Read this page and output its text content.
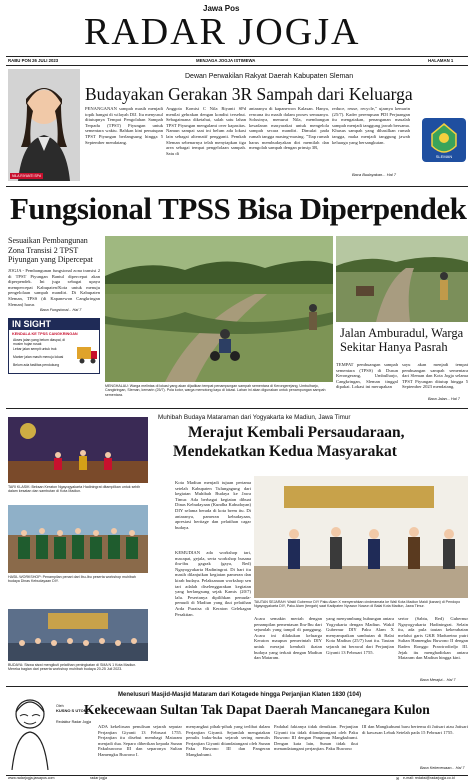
Jawa Pos
RADAR JOGJA
RABU PON 26 JULI 2023	MENJAGA JOGJA ISTIMEWA	HALAMAN 1
NILA RIYANTI SPd
Dewan Perwakilan Rakyat Daerah Kabupaten Sleman
Budayakan Gerakan 3R Sampah dari Keluarga
PENANGANAN sampah masih menjadi topik hangat di wilayah DIJ. Itu menyusul ditutupnya Tempat Pengolahan Sampah Terpadu (TPST) Piyungan untuk sementara waktu. Bahkan kini penutupan TPST Piyungan berlangsung hingga 5 September mendatang.
Anggota Komisi C Nila Riyanti SPd menilai gebrakan dengan kondisi tersebut. Sebagaimana diketahui, salah satu lahan TPST Piyungan mengalami over kapasitas. Namun sampai saat ini belum ada lokasi lain sebagai alternatif pengganti. Pemkab Sleman sebenarnya telah menyiapkan tiga area sebagai tempat pengelolaan sampah. Satu di
antaranya di kapanewon Kalasan. Hanya, rencana itu masih dalam proses semuanya. Solusinya, menurut Nila, membangun kesadaran masyarakat untuk mengelola sampah secara mandiri. Dimulai pada rumah tangga masing-masing. "Tiap rumah harus membudayakan diri memilah dan mengolah sampah dengan prinsip 3R,
reduce, reuse, recycle," ujarnya kemarin (25/7). Kader perempuan PDI Perjuangan itu mengatakan, penanganan masalah sampah menjadi tanggung jawab bersama. Khusus sampah yang dihasilkan rumah tangga, maka menjadi tanggung jawab keluarga yang bersangkutan.
Baca Budayakan... Hal 7
SLEMAN
Fungsional TPSS Bisa Diperpendek
Sesuaikan Pembangunan Zona Transisi 2 TPST Piyungan yang Dipercepat
JOGJA - Pembangunan fungsional zona transisi 2 di TPST Piyungan Bantul dipercepat akan diperpendek. Ini juga sebagai upaya mempercepat Kabupaten/Kota untuk menuju pengelolaan sampah mandiri. Di Kabupaten Sleman, TPSS (di Kapanewon Cangkringan Sleman) harus
Baca Fungsional... Hal 7
IN SIGHT
KENDALA KE TPSS CANGKRINGAN
Akses jalan yang belum diaspal, di musim hujan rusak
Lebar jalan sempit untuk truk
Marker jalan masih menuju lokasi
Belum ada fasilitas pendukung
MENGHALAU: Warga melintas di lokasi yang akan dijadikan tempat penampungan sampah sementara di Kerongerejang, Umbulharjo, Cangkringan, Sleman, kemarin (25/7). Pola kotor, warga memotong kayu di lokasi. Lahan ini akan digunakan untuk penampungan sampah sementara.
Jalan Amburadul, Warga Sekitar Hanya Pasrah
TEMPAT pembuangan sampah sementara (TPSS) di Dusun Kerongerang, Umbulharjo, Cangkringan, Sleman tinggal dipakai. Lokasi ini merupakan
sayu akan menjadi tempat pembuangan sampah sementara dari Sleman dan Kota Jogja selama TPST Piyungan ditutup hingga 5 September 2023 mendatang.
Baca Jalan... Hal 7
Muhibah Budaya Mataraman dari Yogyakarta ke Madiun, Jawa Timur
Merajut Kembali Persaudaraan,
Mendekatkan Kedua Masyarakat
TARI KLASIK: Beksan Keraton Ngayogyakarta Hadiningrat ditampilkan untuk sebih dalam kesatan dan sambutan di Kota Madiun.
HASIL WORKSHOP: Penampilan penari dari Ibu-Ibu peserta workshop muhibah budaya Dinas Kebudayaan DIY.
BUDAYA: Siswa siswi mengikuti pelatihan peningkatan di SMA N 1 Kota Madiun. Mereka bagian dari peserta workshop muhibah budaya 20-25 Juli 2023.
Kota Madiun menjadi tujuan pertama setelah Kabupaten Tulungagung dari kegiatan Muhibah Budaya ke Jawa Timur. Ada berbagai kegiatan dibuat Dinas Kebudayaan (Kundha Kabudayan) DIY selama berada di kota brem itu. Di antaranya, pameran kebudayaan, apresiasi heritage dan pelatihan cagar budaya.
TAUTAN SEJARAH: Wakil Gubernur DIY Paku Alam X menyerahkan cinderamata ke Wali Kota Madiun Maidi (kanan) di Pendopo Ngayogyakarta DIY, Paku Alam (tengah) saat Kadipaten Nyuwun Nuwun di Balai Kota Madiun, Jawa Timur.
KEMUDIAN ada workshop tari, macapat, gejala, serta workshop busana ibu-ibu gagrak (gaya, Red) Ngayogyakarta Hadiningrat. Di hari itu masih dilanjutkan kegiatan pameran dan kirab budaya. Pelaksanaan workshop sen tari adalah diselenggarakan kegiatan yang berlangsung sejak Kamis (20/7) lalu. Pesertanya dipilihkan pemuda-pemudi di Madiun yang ikut pelatihan Arda Puraisa di Keraton Gelekagan Pesaktian.
Acara semakin meriah dengan penampilan pementasan Ibu-Ibu dari sejumlah yang tampil di panggung. Acara ini dilakukan keluarga Keraton maupun pemerintah DIY untuk merajut kembali ikatan budaya yang terkait dengan Madiun dan Mataram.
yang menyambung hubungan antara Yogyakarta dengan Madiun. Wakil Gubernur DIY Paku Alam X menyampaikan sambutan di Balai Kota Madiun (25/7) hari itu. Tautan sejarah ini berawal dari Perjanjian Giyanti 13 Februari 1755.
sertor (Sabtu, Red) Gubernur Ngayogyakarta Hadiningrat. Selain itu, ada pula tautan kekerabatan melalui garis GKR Maduretno putri Sultan Hamengku Buwono II dengan Raden Ronggo Prawirodirdjo III. Jejak itu menghadirkan antara Mataram dan Madiun hingga kini.
Baca Merajut... Hal 7
Oleh
KUSNO S UTOMO
Redaktur Radar Jogja
Menelusuri Masjid-Masjid Mataram dari Kotagede hingga Perjanjian Klaten 1830 (104)
Kekecewaan Sultan Tak Dapat Daerah Mancanegara Kulon
ADA kekeliruan penulisan sejarah seputar Perjanjian Giyanti 13 Februari 1755. Perjanjian itu disebut membagi Mataram menjadi dua. Separo diberikan kepada Sunan Pakubuwono III dan separonya Sultan Hamengku Buwono I.
menyangkut pihak-pihak yang terlibat dalam Perjanjian Giyanti. Sejumlah mengatakan penulis buku-buku sejarah sering menulis Perjanjian Giyanti ditandatangani oleh Sunan Paku Buwono III dan Pangeran Mangkubumi.
Padahal faktanya tidak demikian. Perjanjian Giyanti itu tidak ditandatangani oleh Paku Buwono III dengan Pangeran Mangkubumi. Dengan kata lain, Sunan tidak ikut menandatangani perjanjian. Paku Buwono
III dan Mangkubumi baru bertemu di Jatisari atau Jatisari di kawasan Lebak Setelah pada 15 Februari 1755.
Baca Kekecewaan... Hal 7
www.radarjogja.jawapos.com	radar jogja	✉ e-mail: redaksi@radarjogja.co.id
